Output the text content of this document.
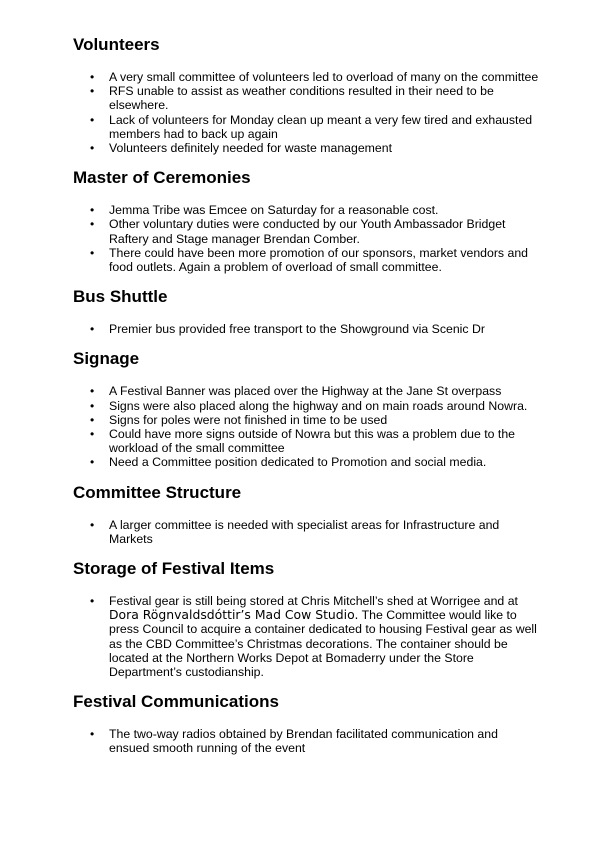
Volunteers
• A very small committee of volunteers led to overload of many on the committee
• RFS unable to assist as weather conditions resulted in their need to be elsewhere.
• Lack of volunteers for Monday clean up meant a very few tired and exhausted members had to back up again
• Volunteers definitely needed for waste management
Master of Ceremonies
• Jemma Tribe was Emcee on Saturday for a reasonable cost.
• Other voluntary duties were conducted by our Youth Ambassador Bridget Raftery and Stage manager Brendan Comber.
• There could have been more promotion of our sponsors, market vendors and food outlets. Again a problem of overload of small committee.
Bus Shuttle
• Premier bus provided free transport to the Showground via Scenic Dr
Signage
• A Festival Banner was placed over the Highway at the Jane St overpass
• Signs were also placed along the highway and on main roads around Nowra.
• Signs for poles were not finished in time to be used
• Could have more signs outside of Nowra but this was a problem due to the workload of the small committee
• Need a Committee position dedicated to Promotion and social media.
Committee Structure
• A larger committee is needed with specialist areas for Infrastructure and Markets
Storage of Festival Items
• Festival gear is still being stored at Chris Mitchell’s shed at Worrigee and at
Dora Rögnvaldsdóttir’s Mad Cow Studio. The Committee would like to press Council to acquire a container dedicated to housing Festival gear as well as the CBD Committee’s Christmas decorations. The container should be located at the Northern Works Depot at Bomaderry under the Store Department’s custodianship.
Festival Communications
• The two-way radios obtained by Brendan facilitated communication and ensued smooth running of the event
